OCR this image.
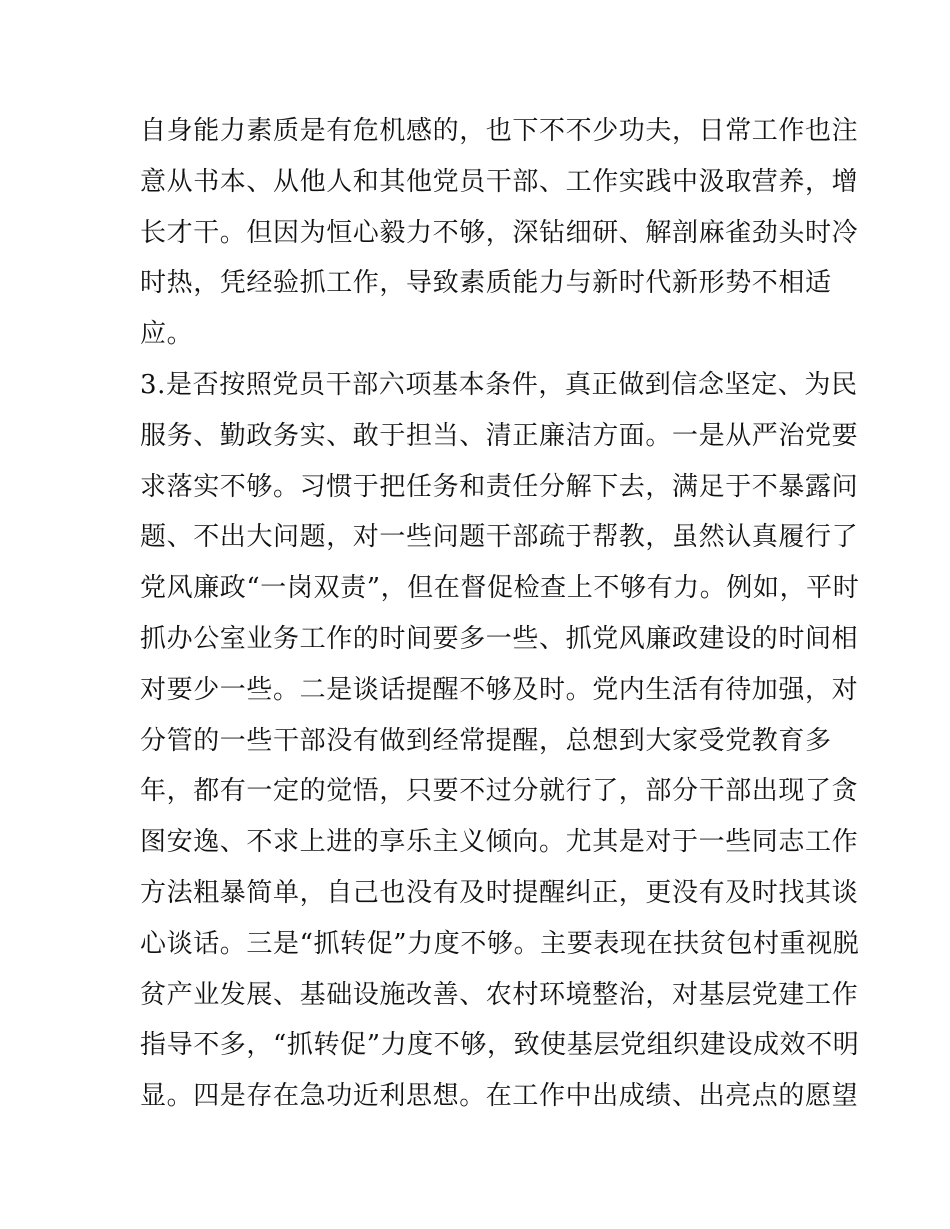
自身能力素质是有危机感的，也下不不少功夫，日常工作也注
意从书本、从他人和其他党员干部、工作实践中汲取营养，增
长才干。但因为恒心毅力不够，深钻细研、解剖麻雀劲头时冷
时热，凭经验抓工作，导致素质能力与新时代新形势不相适
应。
3.是否按照党员干部六项基本条件，真正做到信念坚定、为民
服务、勤政务实、敢于担当、清正廉洁方面。一是从严治党要
求落实不够。习惯于把任务和责任分解下去，满足于不暴露问
题、不出大问题，对一些问题干部疏于帮教，虽然认真履行了
党风廉政“一岗双责”，但在督促检查上不够有力。例如，平时
抓办公室业务工作的时间要多一些、抓党风廉政建设的时间相
对要少一些。二是谈话提醒不够及时。党内生活有待加强，对
分管的一些干部没有做到经常提醒，总想到大家受党教育多
年，都有一定的觉悟，只要不过分就行了，部分干部出现了贪
图安逸、不求上进的享乐主义倾向。尤其是对于一些同志工作
方法粗暴简单，自己也没有及时提醒纠正，更没有及时找其谈
心谈话。三是“抓转促”力度不够。主要表现在扶贫包村重视脱
贫产业发展、基础设施改善、农村环境整治，对基层党建工作
指导不多，“抓转促”力度不够，致使基层党组织建设成效不明
显。四是存在急功近利思想。在工作中出成绩、出亮点的愿望
